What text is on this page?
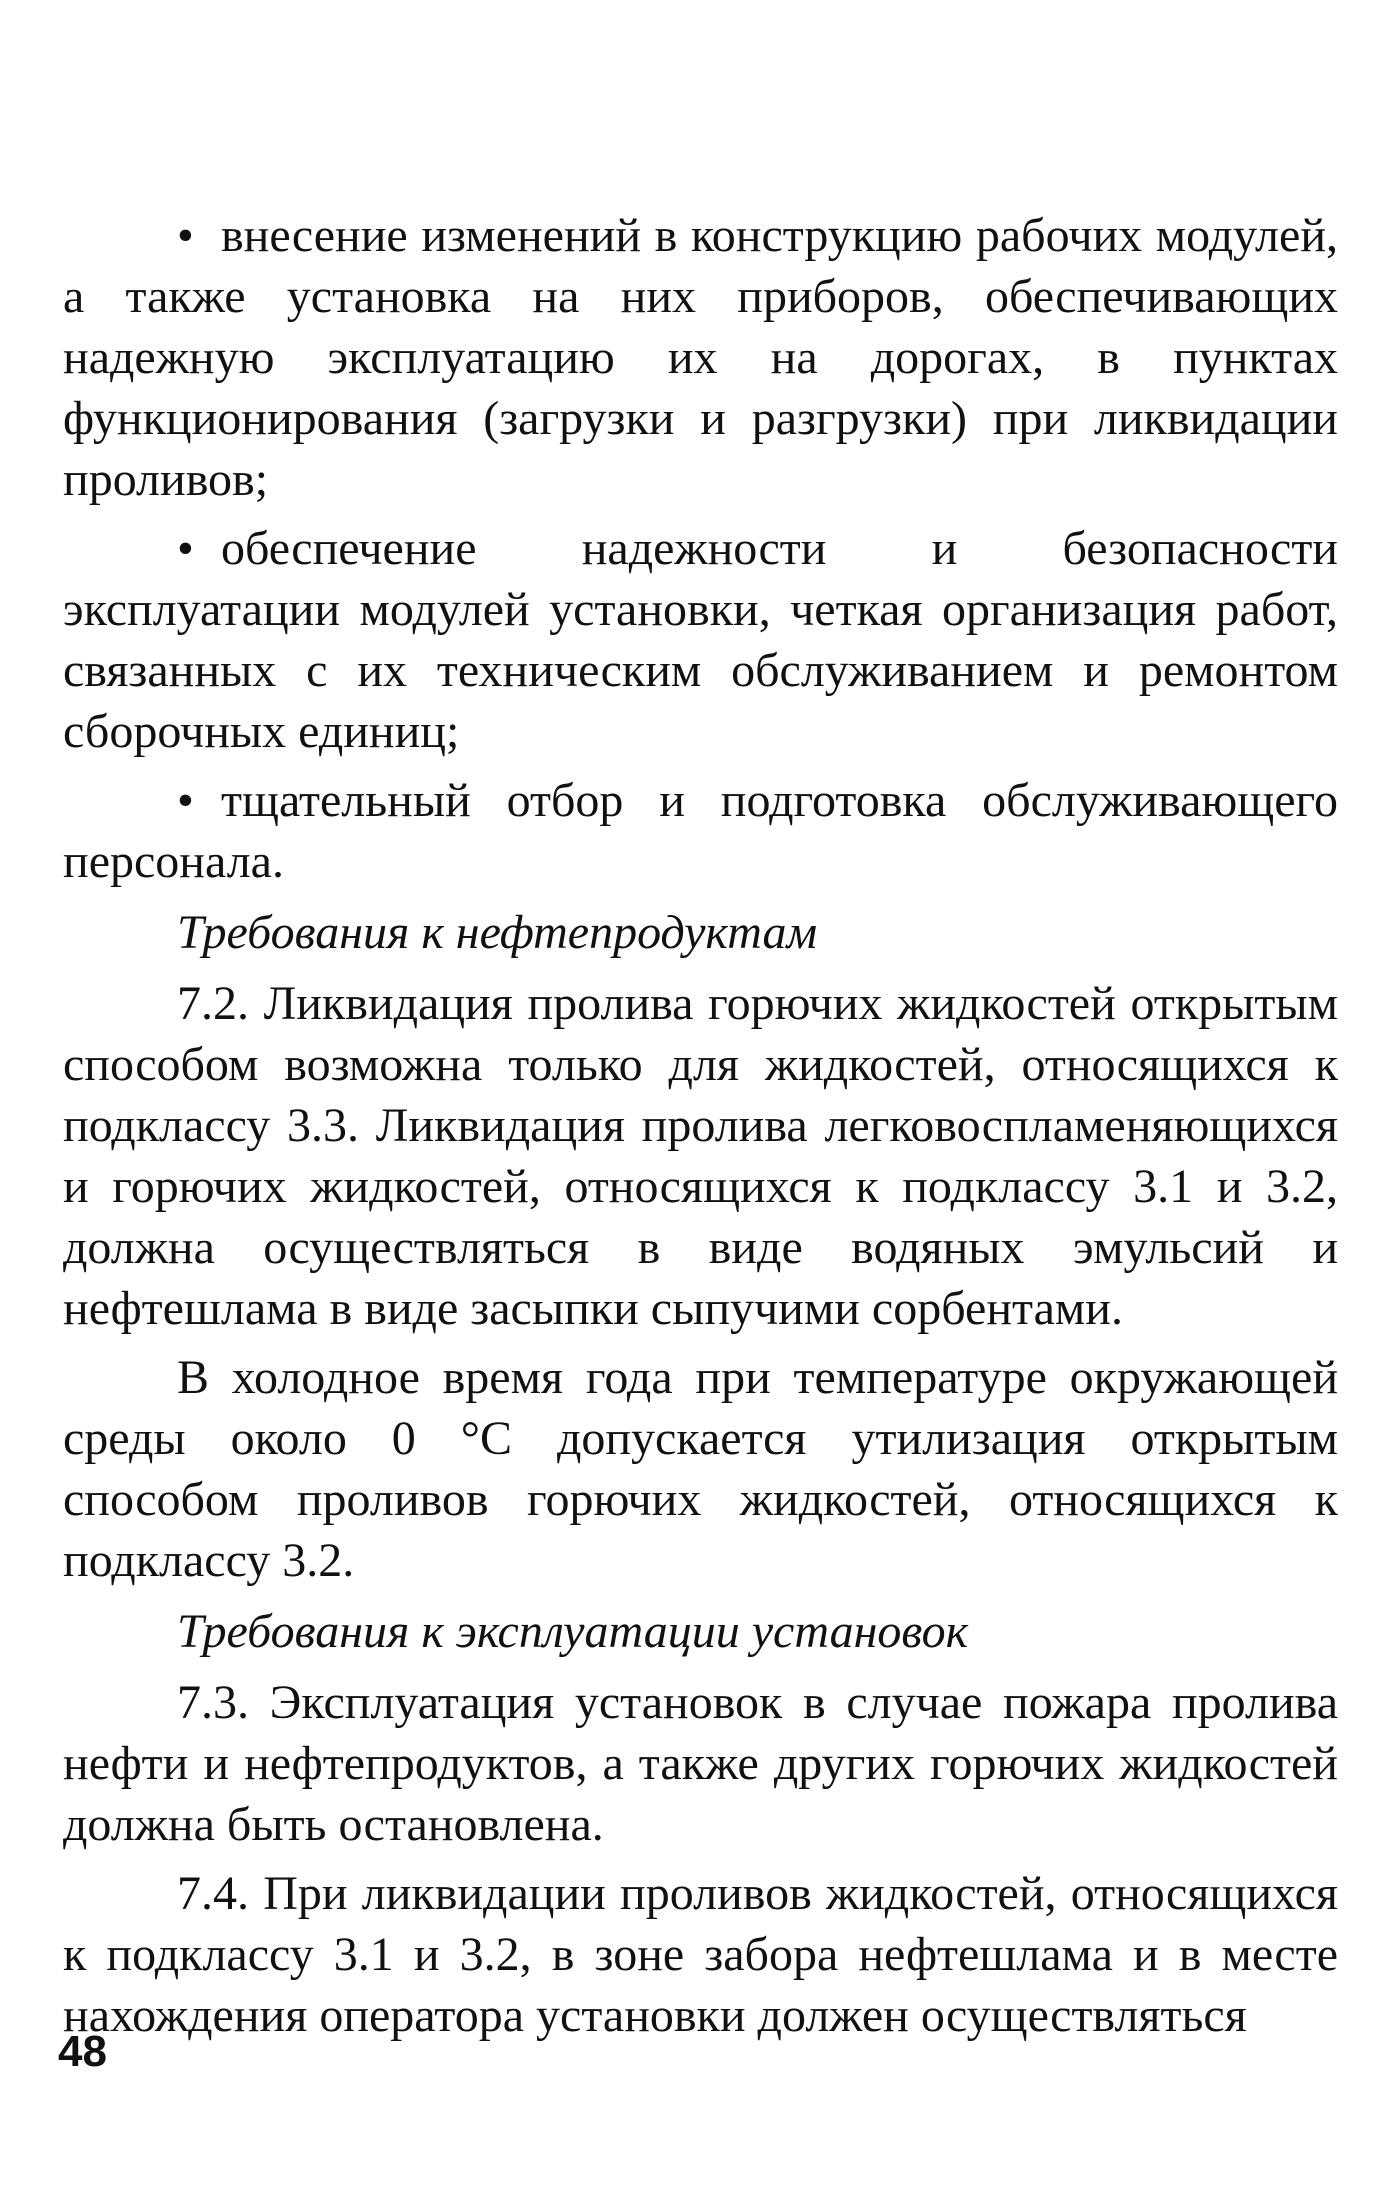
• внесение изменений в конструкцию рабочих модулей, а также установка на них приборов, обеспечивающих надежную эксплуатацию их на дорогах, в пунктах функционирования (загрузки и разгрузки) при ликвидации проливов;

• обеспечение надежности и безопасности эксплуатации модулей установки, четкая организация работ, связанных с их техническим обслуживанием и ремонтом сборочных единиц;

• тщательный отбор и подготовка обслуживающего персонала.

Требования к нефтепродуктам

7.2. Ликвидация пролива горючих жидкостей открытым способом возможна только для жидкостей, относящихся к подклассу 3.3. Ликвидация пролива легковоспламеняющихся и горючих жидкостей, относящихся к подклассу 3.1 и 3.2, должна осуществляться в виде водяных эмульсий и нефтешлама в виде засыпки сыпучими сорбентами.

В холодное время года при температуре окружающей среды около 0 °С допускается утилизация открытым способом проливов горючих жидкостей, относящихся к подклассу 3.2.

Требования к эксплуатации установок

7.3. Эксплуатация установок в случае пожара пролива нефти и нефтепродуктов, а также других горючих жидкостей должна быть остановлена.

7.4. При ликвидации проливов жидкостей, относящихся к подклассу 3.1 и 3.2, в зоне забора нефтешлама и в месте нахождения оператора установки должен осуществляться

48
